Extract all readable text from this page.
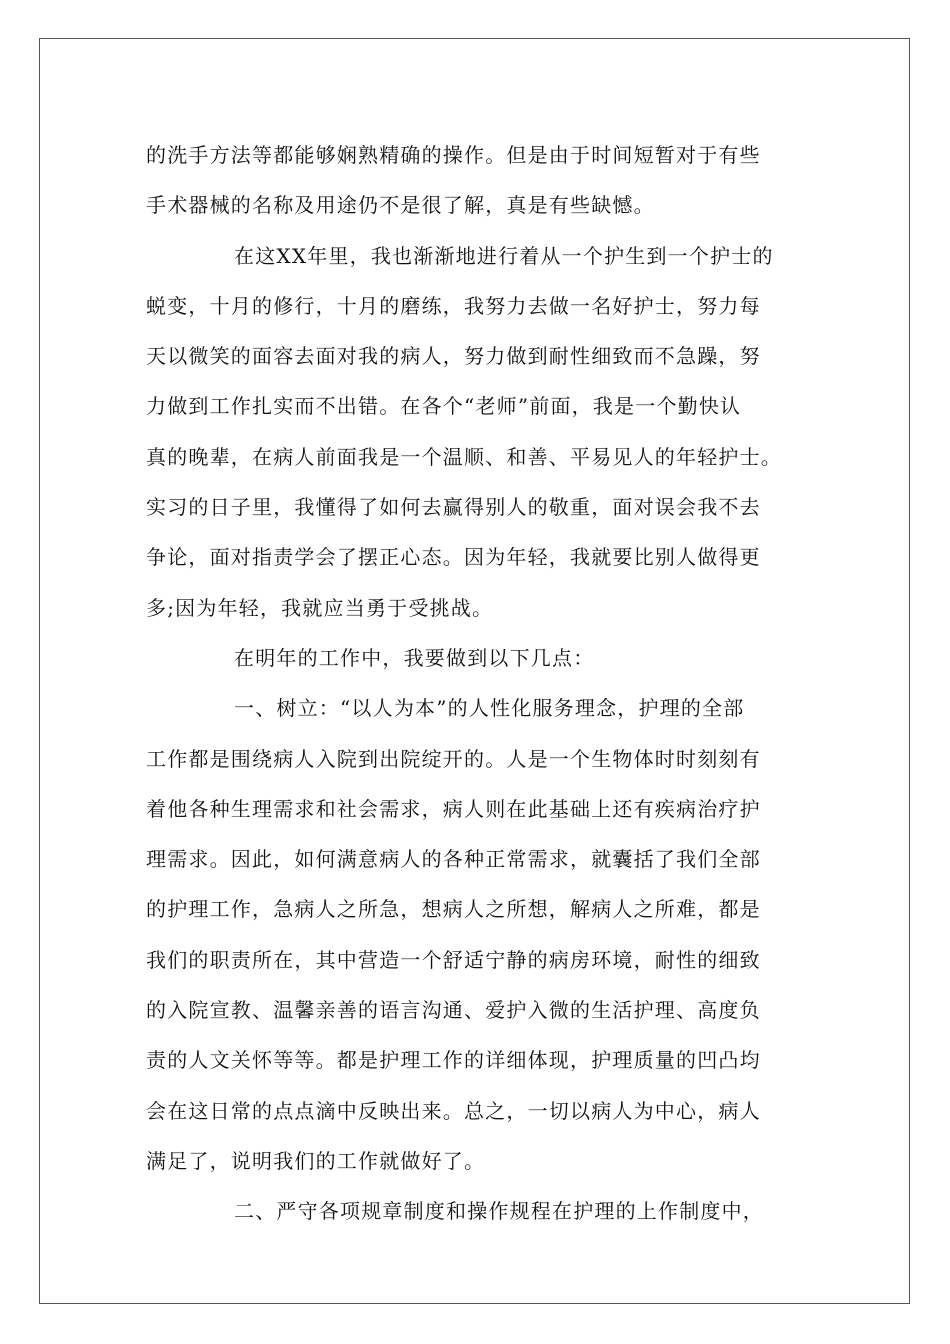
的洗手方法等都能够娴熟精确的操作。但是由于时间短暂对于有些
手术器械的名称及用途仍不是很了解，真是有些缺憾。
在这XX年里，我也渐渐地进行着从一个护生到一个护士的
蜕变，十月的修行，十月的磨练，我努力去做一名好护士，努力每
天以微笑的面容去面对我的病人，努力做到耐性细致而不急躁，努
力做到工作扎实而不出错。在各个“老师”前面，我是一个勤快认
真的晚辈，在病人前面我是一个温顺、和善、平易见人的年轻护士。
实习的日子里，我懂得了如何去赢得别人的敬重，面对误会我不去
争论，面对指责学会了摆正心态。因为年轻，我就要比别人做得更
多;因为年轻，我就应当勇于受挑战。
在明年的工作中，我要做到以下几点：
一、树立：“以人为本”的人性化服务理念，护理的全部
工作都是围绕病人入院到出院绽开的。人是一个生物体时时刻刻有
着他各种生理需求和社会需求，病人则在此基础上还有疾病治疗护
理需求。因此，如何满意病人的各种正常需求，就囊括了我们全部
的护理工作，急病人之所急，想病人之所想，解病人之所难，都是
我们的职责所在，其中营造一个舒适宁静的病房环境，耐性的细致
的入院宣教、温馨亲善的语言沟通、爱护入微的生活护理、高度负
责的人文关怀等等。都是护理工作的详细体现，护理质量的凹凸均
会在这日常的点点滴中反映出来。总之，一切以病人为中心，病人
满足了，说明我们的工作就做好了。
二、严守各项规章制度和操作规程在护理的上作制度中，
